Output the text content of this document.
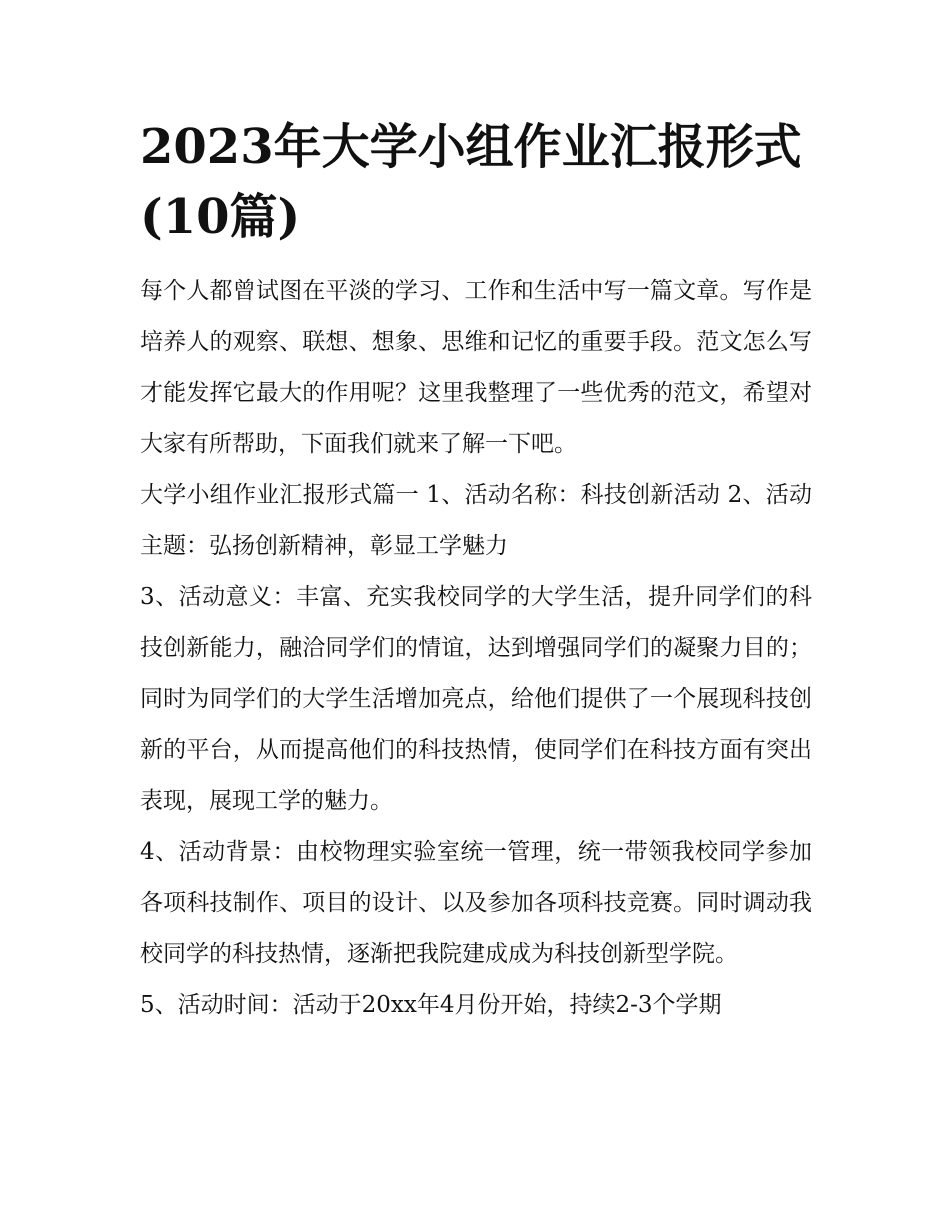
2023年大学小组作业汇报形式(10篇)

每个人都曾试图在平淡的学习、工作和生活中写一篇文章。写作是培养人的观察、联想、想象、思维和记忆的重要手段。范文怎么写才能发挥它最大的作用呢？这里我整理了一些优秀的范文，希望对大家有所帮助，下面我们就来了解一下吧。

大学小组作业汇报形式篇一 1、活动名称：科技创新活动 2、活动主题：弘扬创新精神，彰显工学魅力

3、活动意义：丰富、充实我校同学的大学生活，提升同学们的科技创新能力，融洽同学们的情谊，达到增强同学们的凝聚力目的；同时为同学们的大学生活增加亮点，给他们提供了一个展现科技创新的平台，从而提高他们的科技热情，使同学们在科技方面有突出表现，展现工学的魅力。

4、活动背景：由校物理实验室统一管理，统一带领我校同学参加各项科技制作、项目的设计、以及参加各项科技竞赛。同时调动我校同学的科技热情，逐渐把我院建成成为科技创新型学院。

5、活动时间：活动于20xx年4月份开始，持续2-3个学期
